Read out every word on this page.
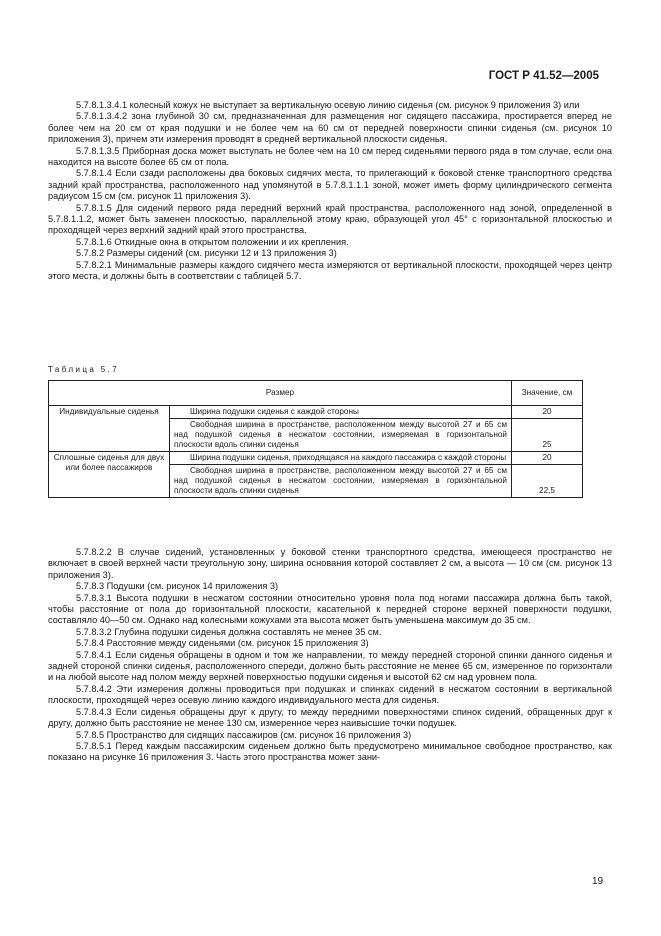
ГОСТ Р 41.52—2005

5.7.8.1.3.4.1 колесный кожух не выступает за вертикальную осевую линию сиденья (см. рисунок 9 приложения 3) или

5.7.8.1.3.4.2 зона глубиной 30 см, предназначенная для размещения ног сидящего пассажира, простирается вперед не более чем на 20 см от края подушки и не более чем на 60 см от передней поверхности спинки сиденья (см. рисунок 10 приложения 3), причем эти измерения проводят в средней вертикальной плоскости сиденья.

5.7.8.1.3.5 Приборная доска может выступать не более чем на 10 см перед сиденьями первого ряда в том случае, если она находится на высоте более 65 см от пола.

5.7.8.1.4 Если сзади расположены два боковых сидячих места, то прилегающий к боковой стенке транспортного средства задний край пространства, расположенного над упомянутой в 5.7.8.1.1.1 зоной, может иметь форму цилиндрического сегмента радиусом 15 см (см. рисунок 11 приложения 3).

5.7.8.1.5 Для сидений первого ряда передний верхний край пространства, расположенного над зоной, определенной в 5.7.8.1.1.2, может быть заменен плоскостью, параллельной этому краю, образующей угол 45° с горизонтальной плоскостью и проходящей через верхний задний край этого пространства.

5.7.8.1.6 Откидные окна в открытом положении и их крепления.

5.7.8.2 Размеры сидений (см. рисунки 12 и 13 приложения 3)

5.7.8.2.1 Минимальные размеры каждого сидячего места измеряются от вертикальной плоскости, проходящей через центр этого места, и должны быть в соответствии с таблицей 5.7.

Таблица 5.7
Размер		Значение, см
Индивидуальные сиденья	Ширина подушки сиденья с каждой стороны	20
	Свободная ширина в пространстве, расположенном между высотой 27 и 65 см над подушкой сиденья в несжатом состоянии, измеряемая в горизонтальной плоскости вдоль спинки сиденья	25
Сплошные сиденья для двух или более пассажиров	Ширина подушки сиденья, приходящаяся на каждого пассажира с каждой стороны	20
	Свободная ширина в пространстве, расположенном между высотой 27 и 65 см над подушкой сиденья в несжатом состоянии, измеряемая в горизонтальной плоскости вдоль спинки сиденья	22,5

5.7.8.2.2 В случае сидений, установленных у боковой стенки транспортного средства, имеющееся пространство не включает в своей верхней части треугольную зону, ширина основания которой составляет 2 см, а высота — 10 см (см. рисунок 13 приложения 3).

5.7.8.3 Подушки (см. рисунок 14 приложения 3)

5.7.8.3.1 Высота подушки в несжатом состоянии относительно уровня пола под ногами пассажира должна быть такой, чтобы расстояние от пола до горизонтальной плоскости, касательной к передней стороне верхней поверхности подушки, составляло 40—50 см. Однако над колесными кожухами эта высота может быть уменьшена максимум до 35 см.

5.7.8.3.2 Глубина подушки сиденья должна составлять не менее 35 см.

5.7.8.4 Расстояние между сиденьями (см. рисунок 15 приложения 3)

5.7.8.4.1 Если сиденья обращены в одном и том же направлении, то между передней стороной спинки данного сиденья и задней стороной спинки сиденья, расположенного спереди, должно быть расстояние не менее 65 см, измеренное по горизонтали и на любой высоте над полом между верхней поверхностью подушки сиденья и высотой 62 см над уровнем пола.

5.7.8.4.2 Эти измерения должны проводиться при подушках и спинках сидений в несжатом состоянии в вертикальной плоскости, проходящей через осевую линию каждого индивидуального места для сиденья.

5.7.8.4.3 Если сиденья обращены друг к другу, то между передними поверхностями спинок сидений, обращенных друг к другу, должно быть расстояние не менее 130 см, измеренное через наивысшие точки подушек.

5.7.8.5 Пространство для сидящих пассажиров (см. рисунок 16 приложения 3)

5.7.8.5.1 Перед каждым пассажирским сиденьем должно быть предусмотрено минимальное свободное пространство, как показано на рисунке 16 приложения 3. Часть этого пространства может зани-

19
